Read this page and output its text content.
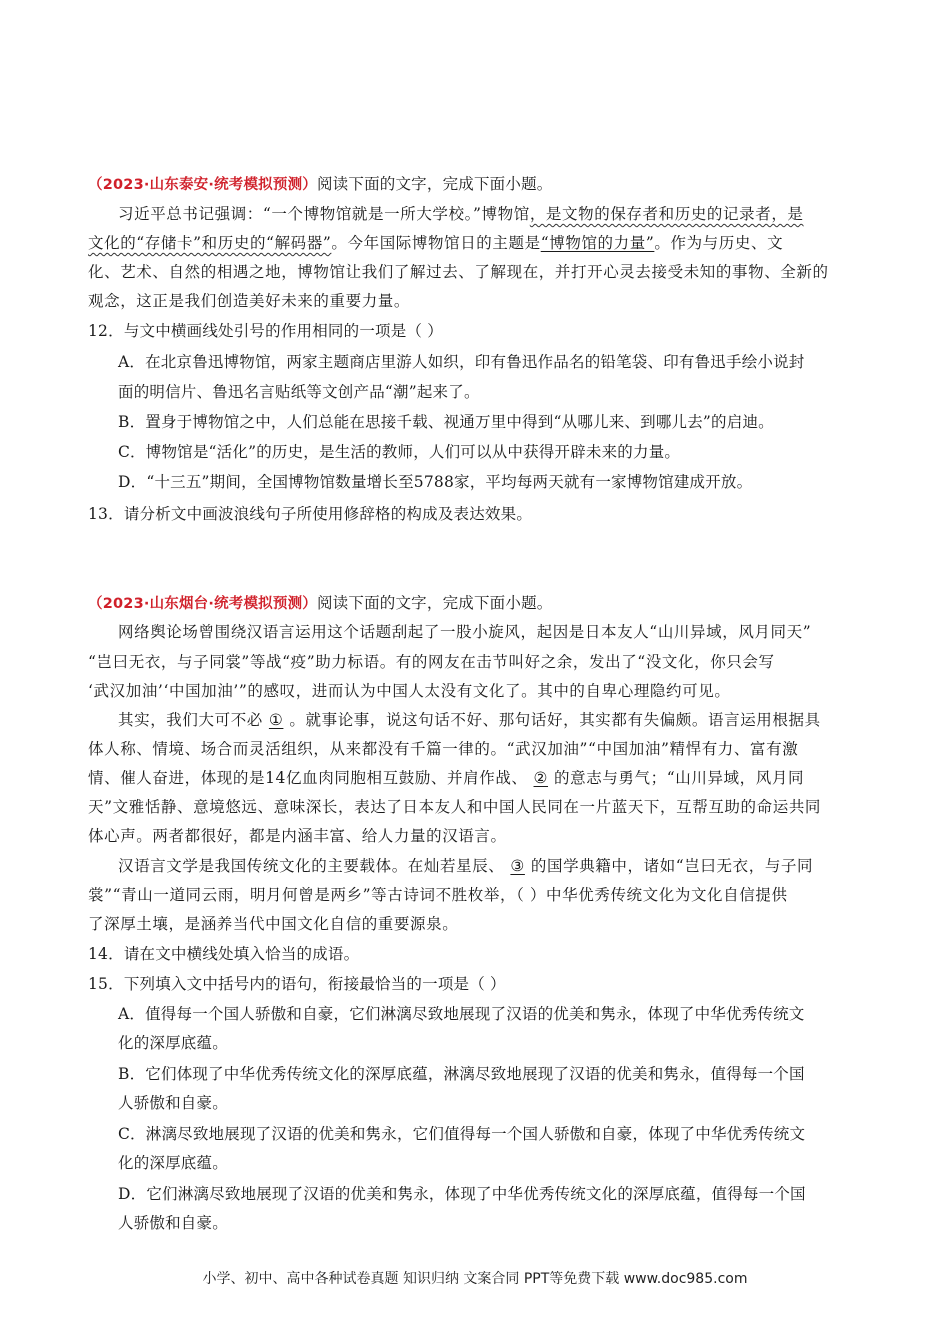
（2023·山东泰安·统考模拟预测）阅读下面的文字，完成下面小题。
习近平总书记强调：“一个博物馆就是一所大学校。”博物馆，是文物的保存者和历史的记录者，是
文化的“存储卡”和历史的“解码器”。今年国际博物馆日的主题是“博物馆的力量”。作为与历史、文
化、艺术、自然的相遇之地，博物馆让我们了解过去、了解现在，并打开心灵去接受未知的事物、全新的
观念，这正是我们创造美好未来的重要力量。
12．与文中横画线处引号的作用相同的一项是（ ）
A．在北京鲁迅博物馆，两家主题商店里游人如织，印有鲁迅作品名的铅笔袋、印有鲁迅手绘小说封
面的明信片、鲁迅名言贴纸等文创产品“潮”起来了。
B．置身于博物馆之中，人们总能在思接千载、视通万里中得到“从哪儿来、到哪儿去”的启迪。
C．博物馆是“活化”的历史，是生活的教师，人们可以从中获得开辟未来的力量。
D．“十三五”期间，全国博物馆数量增长至5788家，平均每两天就有一家博物馆建成开放。
13．请分析文中画波浪线句子所使用修辞格的构成及表达效果。
（2023·山东烟台·统考模拟预测）阅读下面的文字，完成下面小题。
网络舆论场曾围绕汉语言运用这个话题刮起了一股小旋风，起因是日本友人“山川异域，风月同天”
“岂曰无衣，与子同裳”等战“疫”助力标语。有的网友在击节叫好之余，发出了“没文化，你只会写
‘武汉加油’‘中国加油’”的感叹，进而认为中国人太没有文化了。其中的自卑心理隐约可见。
其实，我们大可不必 ① 。就事论事，说这句话不好、那句话好，其实都有失偏颇。语言运用根据具
体人称、情境、场合而灵活组织，从来都没有千篇一律的。“武汉加油”“中国加油”精悍有力、富有激
情、催人奋进，体现的是14亿血肉同胞相互鼓励、并肩作战、 ② 的意志与勇气；“山川异域，风月同
天”文雅恬静、意境悠远、意味深长，表达了日本友人和中国人民同在一片蓝天下，互帮互助的命运共同
体心声。两者都很好，都是内涵丰富、给人力量的汉语言。
汉语言文学是我国传统文化的主要载体。在灿若星辰、 ③ 的国学典籍中，诸如“岂曰无衣，与子同
裳”“青山一道同云雨，明月何曾是两乡”等古诗词不胜枚举，（ ）中华优秀传统文化为文化自信提供
了深厚土壤，是涵养当代中国文化自信的重要源泉。
14．请在文中横线处填入恰当的成语。
15．下列填入文中括号内的语句，衔接最恰当的一项是（ ）
A．值得每一个国人骄傲和自豪，它们淋漓尽致地展现了汉语的优美和隽永，体现了中华优秀传统文
化的深厚底蕴。
B．它们体现了中华优秀传统文化的深厚底蕴，淋漓尽致地展现了汉语的优美和隽永，值得每一个国
人骄傲和自豪。
C．淋漓尽致地展现了汉语的优美和隽永，它们值得每一个国人骄傲和自豪，体现了中华优秀传统文
化的深厚底蕴。
D．它们淋漓尽致地展现了汉语的优美和隽永，体现了中华优秀传统文化的深厚底蕴，值得每一个国
人骄傲和自豪。
小学、初中、高中各种试卷真题 知识归纳 文案合同 PPT等免费下载 www.doc985.com
